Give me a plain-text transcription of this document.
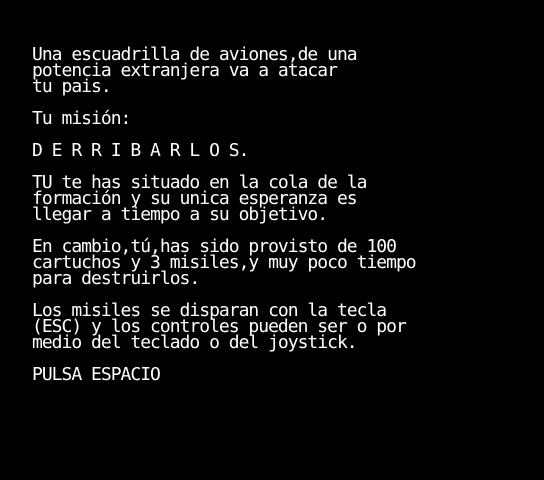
Una escuadrilla de aviones,de una
potencia extranjera va a atacar
tu pais.
Tu misión:
D E R R I B A R L O S.
TU te has situado en la cola de la
formación y su unica esperanza es
llegar a tiempo a su objetivo.
En cambio,tú,has sido provisto de 100
cartuchos y 3 misiles,y muy poco tiempo
para destruirlos.
Los misiles se disparan con la tecla
(ESC) y los controles pueden ser o por
medio del teclado o del joystick.
PULSA ESPACIO
